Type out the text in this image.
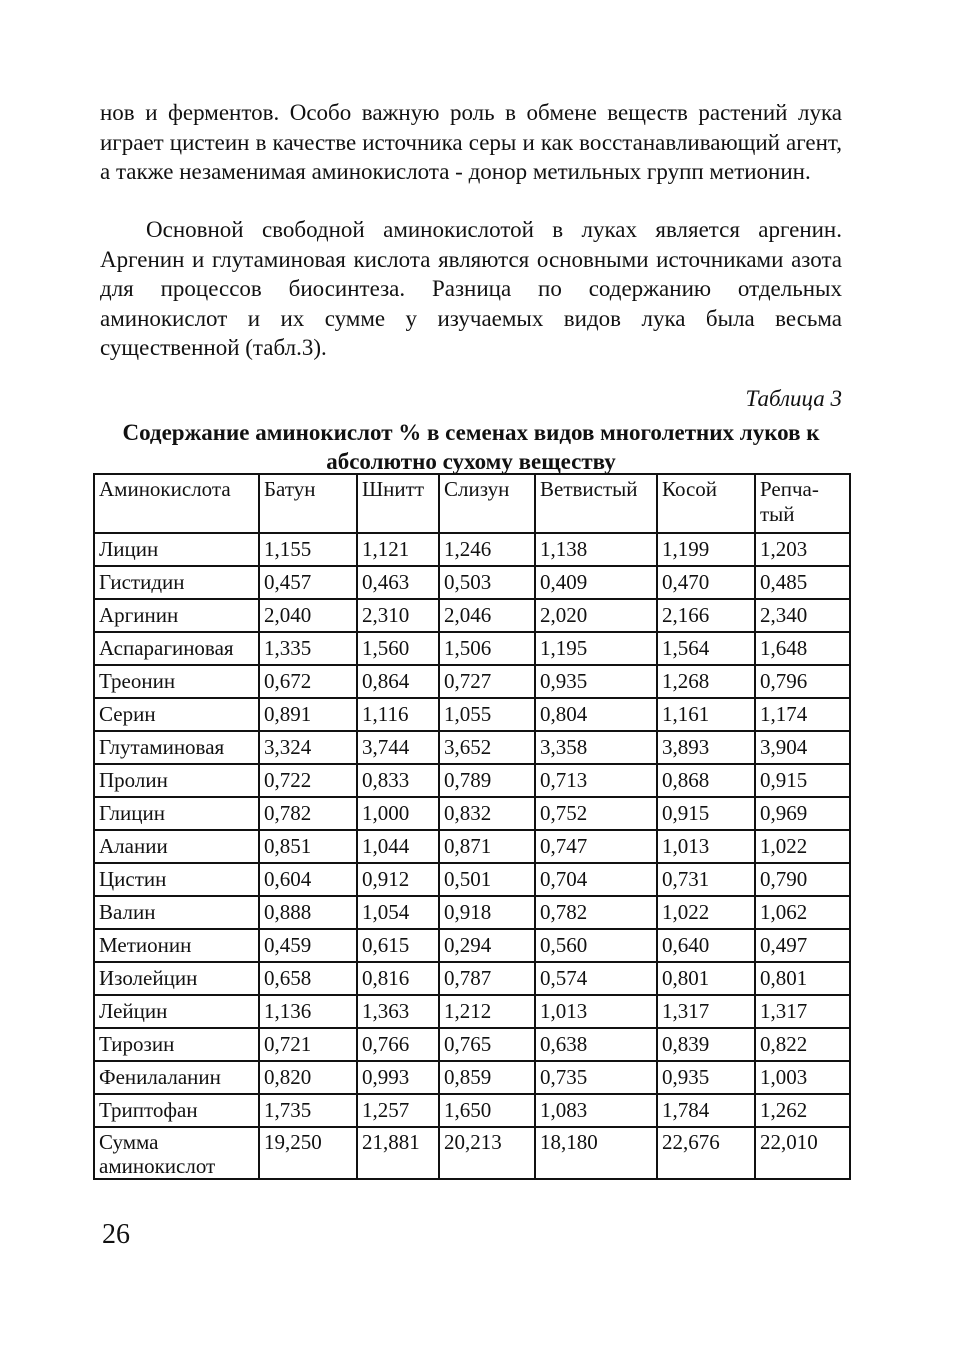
нов и ферментов. Особо важную роль в обмене веществ растений лука играет цистеин в качестве источника серы и как восстанавливающий агент, а также незаменимая аминокислота - донор метильных групп метионин.

Основной свободной аминокислотой в луках является аргенин. Аргенин и глутаминовая кислота являются основными источниками азота для процессов биосинтеза. Разница по содержанию отдельных аминокислот и их сумме у изучаемых видов лука была весьма существенной (табл.3).

Таблица 3
Содержание аминокислот % в семенах видов многолетних луков к абсолютно сухому веществу
Аминокислота	Батун	Шнитт	Слизун	Ветвистый	Косой	Репча-тый
Лицин	1,155	1,121	1,246	1,138	1,199	1,203
Гистидин	0,457	0,463	0,503	0,409	0,470	0,485
Аргинин	2,040	2,310	2,046	2,020	2,166	2,340
Аспарагиновая	1,335	1,560	1,506	1,195	1,564	1,648
Треонин	0,672	0,864	0,727	0,935	1,268	0,796
Серин	0,891	1,116	1,055	0,804	1,161	1,174
Глутаминовая	3,324	3,744	3,652	3,358	3,893	3,904
Пролин	0,722	0,833	0,789	0,713	0,868	0,915
Глицин	0,782	1,000	0,832	0,752	0,915	0,969
Алании	0,851	1,044	0,871	0,747	1,013	1,022
Цистин	0,604	0,912	0,501	0,704	0,731	0,790
Валин	0,888	1,054	0,918	0,782	1,022	1,062
Метионин	0,459	0,615	0,294	0,560	0,640	0,497
Изолейцин	0,658	0,816	0,787	0,574	0,801	0,801
Лейцин	1,136	1,363	1,212	1,013	1,317	1,317
Тирозин	0,721	0,766	0,765	0,638	0,839	0,822
Фенилаланин	0,820	0,993	0,859	0,735	0,935	1,003
Триптофан	1,735	1,257	1,650	1,083	1,784	1,262
Сумма аминокислот	19,250	21,881	20,213	18,180	22,676	22,010
26
